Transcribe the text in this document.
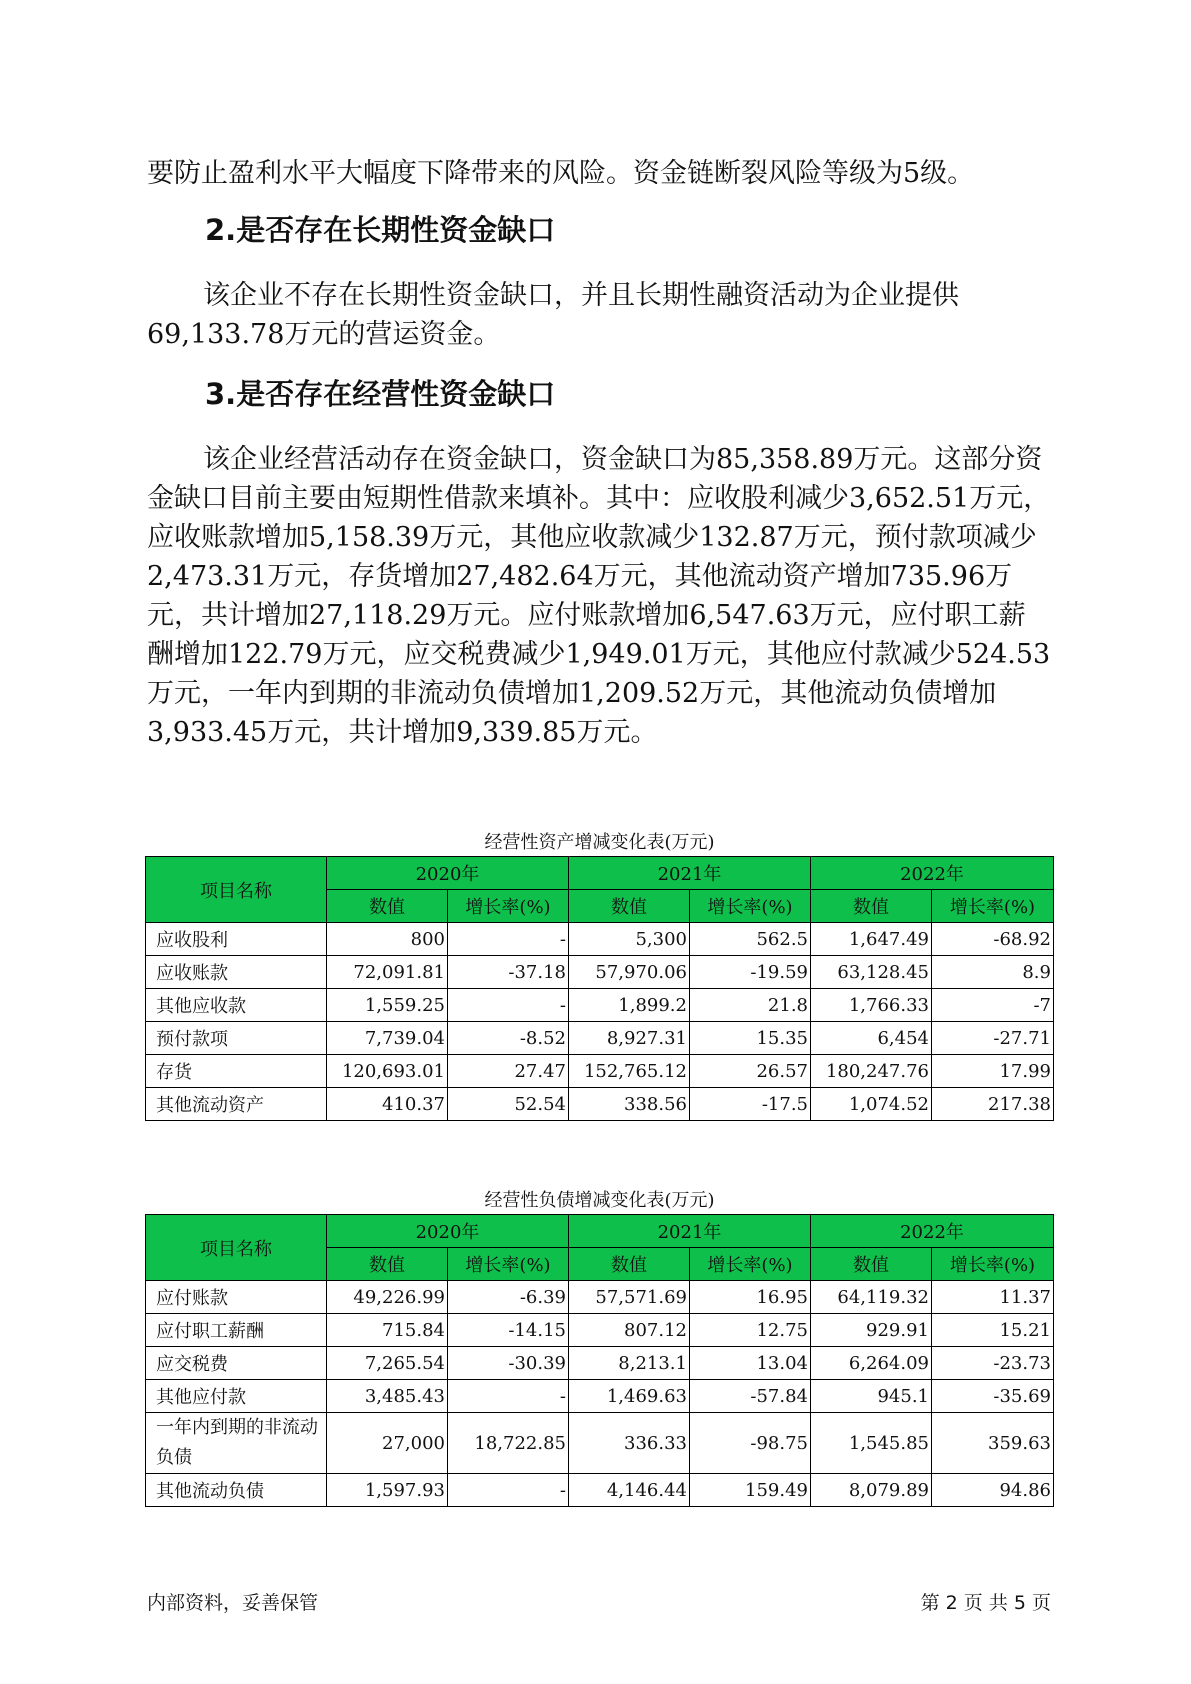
要防止盈利水平大幅度下降带来的风险。资金链断裂风险等级为5级。

2.是否存在长期性资金缺口

该企业不存在长期性资金缺口，并且长期性融资活动为企业提供69,133.78万元的营运资金。

3.是否存在经营性资金缺口

该企业经营活动存在资金缺口，资金缺口为85,358.89万元。这部分资金缺口目前主要由短期性借款来填补。其中：应收股利减少3,652.51万元，应收账款增加5,158.39万元，其他应收款减少132.87万元，预付款项减少2,473.31万元，存货增加27,482.64万元，其他流动资产增加735.96万元，共计增加27,118.29万元。应付账款增加6,547.63万元，应付职工薪酬增加122.79万元，应交税费减少1,949.01万元，其他应付款减少524.53万元，一年内到期的非流动负债增加1,209.52万元，其他流动负债增加3,933.45万元，共计增加9,339.85万元。

经营性资产增减变化表(万元)
项目名称	2020年		2021年		2022年	
	数值	增长率(%)	数值	增长率(%)	数值	增长率(%)
应收股利	800	-	5,300	562.5	1,647.49	-68.92
应收账款	72,091.81	-37.18	57,970.06	-19.59	63,128.45	8.9
其他应收款	1,559.25	-	1,899.2	21.8	1,766.33	-7
预付款项	7,739.04	-8.52	8,927.31	15.35	6,454	-27.71
存货	120,693.01	27.47	152,765.12	26.57	180,247.76	17.99
其他流动资产	410.37	52.54	338.56	-17.5	1,074.52	217.38
经营性负债增减变化表(万元)
项目名称	2020年		2021年		2022年	
	数值	增长率(%)	数值	增长率(%)	数值	增长率(%)
应付账款	49,226.99	-6.39	57,571.69	16.95	64,119.32	11.37
应付职工薪酬	715.84	-14.15	807.12	12.75	929.91	15.21
应交税费	7,265.54	-30.39	8,213.1	13.04	6,264.09	-23.73
其他应付款	3,485.43	-	1,469.63	-57.84	945.1	-35.69
一年内到期的非流动负债	27,000	18,722.85	336.33	-98.75	1,545.85	359.63
其他流动负债	1,597.93	-	4,146.44	159.49	8,079.89	94.86
内部资料，妥善保管	第 2 页 共 5 页
